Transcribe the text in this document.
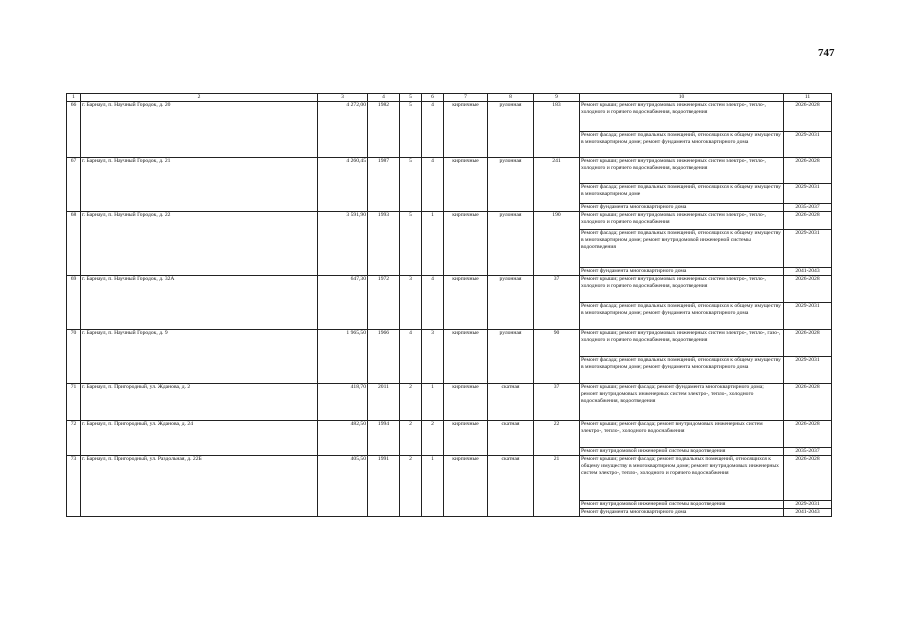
747
1	2	3	4	5	6	7	8	9	10	11
66	г. Барнаул, п. Научный Городок, д. 20	4 272,00	1982	5	4	кирпичные	рулонная	183	Ремонт крыши; ремонт внутридомовых инженерных систем электро-, тепло-, холодного и горячего водоснабжения, водоотведения	2026-2028
									Ремонт фасада; ремонт подвальных помещений, относящихся к общему имуществу в многоквартирном доме; ремонт фундамента многоквартирного дома	2029-2031
67	г. Барнаул, п. Научный Городок, д. 21	4 260,45	1987	5	4	кирпичные	рулонная	241	Ремонт крыши; ремонт внутридомовых инженерных систем электро-, тепло-, холодного и горячего водоснабжения, водоотведения	2026-2028
									Ремонт фасада; ремонт подвальных помещений, относящихся к общему имуществу в многоквартирном доме	2029-2031
									Ремонт фундамента многоквартирного дома	2035-2037
68	г. Барнаул, п. Научный Городок, д. 22	3 591,90	1993	5	1	кирпичные	рулонная	190	Ремонт крыши; ремонт внутридомовых инженерных систем электро-, тепло-, холодного и горячего водоснабжения	2026-2028
									Ремонт фасада; ремонт подвальных помещений, относящихся к общему имуществу в многоквартирном доме; ремонт внутридомовой инженерной системы водоотведения	2029-2031
									Ремонт фундамента многоквартирного дома	2041-2043
69	г. Барнаул, п. Научный Городок, д. 32А	647,30	1972	3	4	кирпичные	рулонная	37	Ремонт крыши; ремонт внутридомовых инженерных систем электро-, тепло-, холодного и горячего водоснабжения, водоотведения	2026-2028
									Ремонт фасада; ремонт подвальных помещений, относящихся к общему имуществу в многоквартирном доме; ремонт фундамента многоквартирного дома	2029-2031
70	г. Барнаул, п. Научный Городок, д. 9	1 965,50	1966	4	3	кирпичные	рулонная	90	Ремонт крыши; ремонт внутридомовых инженерных систем электро-, тепло-, газо-, холодного и горячего водоснабжения, водоотведения	2026-2028
									Ремонт фасада; ремонт подвальных помещений, относящихся к общему имуществу в многоквартирном доме; ремонт фундамента многоквартирного дома	2029-2031
71	г. Барнаул, п. Пригородный, ул. Жданова, д. 2	418,70	2011	2	1	кирпичные	скатная	37	Ремонт крыши; ремонт фасада; ремонт фундамента многоквартирного дома; ремонт внутридомовых инженерных систем электро-, тепло-, холодного водоснабжения, водоотведения	2026-2028
72	г. Барнаул, п. Пригородный, ул. Жданова, д. 24	482,50	1994	2	2	кирпичные	скатная	22	Ремонт крыши; ремонт фасада; ремонт внутридомовых инженерных систем электро-, тепло-, холодного водоснабжения	2026-2028
									Ремонт внутридомовой инженерной системы водоотведения	2035-2037
73	г. Барнаул, п. Пригородный, ул. Раздольная, д. 22Б	405,50	1991	2	1	кирпичные	скатная	21	Ремонт крыши; ремонт фасада; ремонт подвальных помещений, относящихся к общему имуществу в многоквартирном доме; ремонт внутридомовых инженерных систем электро-, тепло-, холодного и горячего водоснабжения	2026-2028
									Ремонт внутридомовой инженерной системы водоотведения	2029-2031
									Ремонт фундамента многоквартирного дома	2041-2043
